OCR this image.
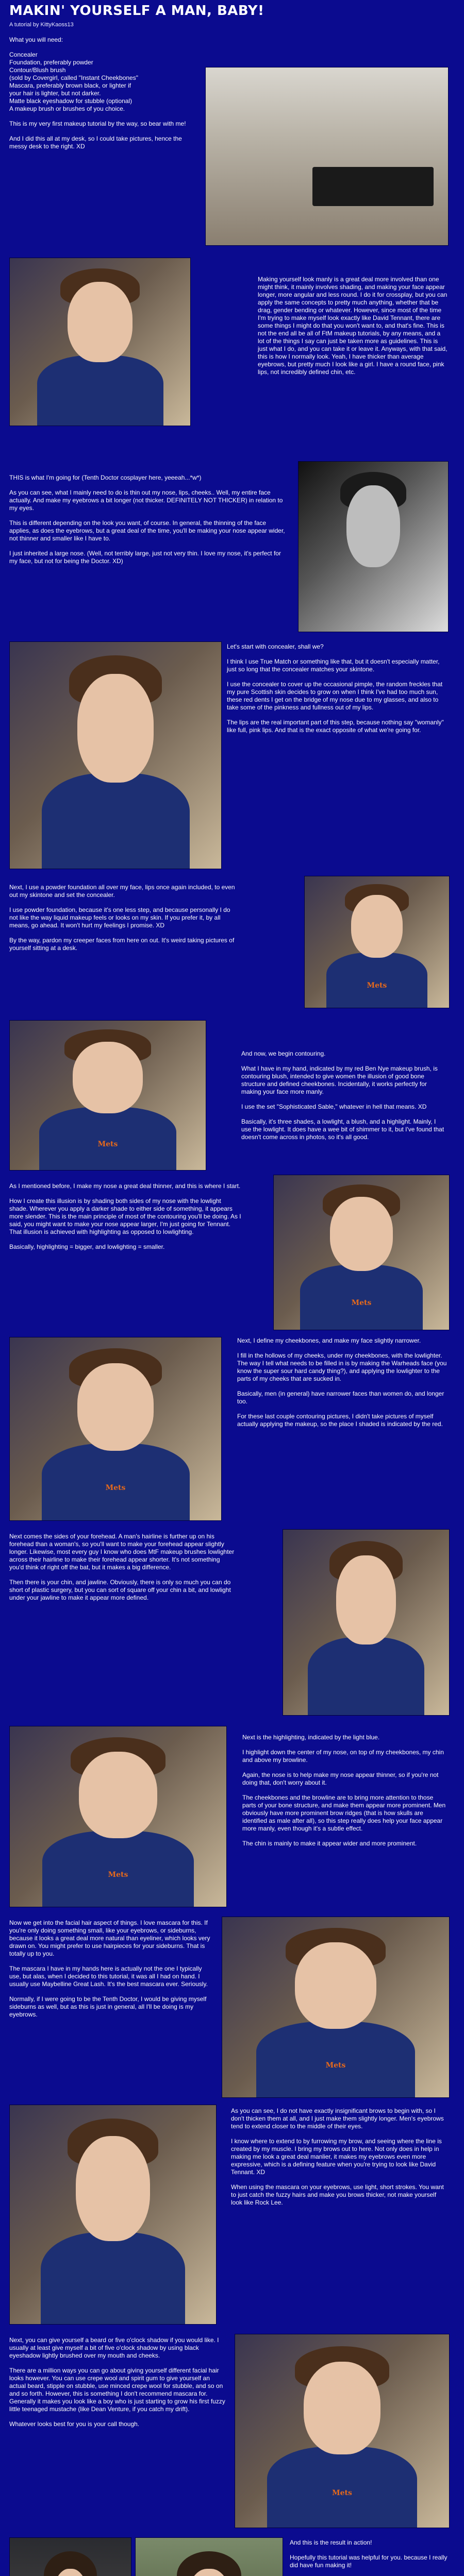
MAKIN' YOURSELF A MAN, BABY!
A tutorial by KittyKaoss13

What you will need:

Concealer
Foundation, preferably powder
Contour/Blush brush
(sold by Covergirl, called "Instant Cheekbones"
Mascara, preferably brown black, or lighter if
your hair is lighter, but not darker.
Matte black eyeshadow for stubble (optional)
A makeup brush or brushes of you choice.

This is my very first makeup tutorial by the way, so bear with me!

And I did this all at my desk, so I could take pictures, hence the messy desk to the right. XD

Making yourself look manly is a great deal more involved than one might think, it mainly involves shading, and making your face appear longer, more angular and less round. I do it for crossplay, but you can apply the same concepts to pretty much anything, whether that be drag, gender bending or whatever. However, since most of the time I'm trying to make myself look exactly like David Tennant, there are some things I might do that you won't want to, and that's fine. This is not the end all be all of FtM makeup tutorials, by any means, and a lot of the things I say can just be taken more as guidelines. This is just what I do, and you can take it or leave it. Anyways, with that said, this is how I normally look. Yeah, I have thicker than average eyebrows, but pretty much I look like a girl. I have a round face, pink lips, not incredibly defined chin, etc.

THIS is what I'm going for (Tenth Doctor cosplayer here, yeeeah...*w*)

As you can see, what I mainly need to do is thin out my nose, lips, cheeks.. Well, my entire face actually. And make my eyebrows a bit longer (not thicker. DEFINITELY NOT THICKER) in relation to my eyes.

This is different depending on the look you want, of course. In general, the thinning of the face applies, as does the eyebrows, but a great deal of the time, you'll be making your nose appear wider, not thinner and smaller like I have to.

I just inherited a large nose. (Well, not terribly large, just not very thin. I love my nose, it's perfect for my face, but not for being the Doctor. XD)

Let's start with concealer, shall we?

I think I use True Match or something like that, but it doesn't especially matter, just so long that the concealer matches your skintone.

I use the concealer to cover up the occasional pimple, the random freckles that my pure Scottish skin decides to grow on when I think I've had too much sun, these red dents I get on the bridge of my nose due to my glasses, and also to take some of the pinkness and fullness out of my lips.

The lips are the real important part of this step, because nothing say "womanly" like full, pink lips. And that is the exact opposite of what we're going for.

Next, I use a powder foundation all over my face, lips once again included, to even out my skintone and set the concealer.

I use powder foundation, because it's one less step, and because personally I do not like the way liquid makeup feels or looks on my skin. If you prefer it, by all means, go ahead. It won't hurt my feelings I promise. XD

By the way, pardon my creeper faces from here on out. It's weird taking pictures of yourself sitting at a desk.

Mets
Mets

And now, we begin contouring.

What I have in my hand, indicated by my red Ben Nye makeup brush, is contouring blush, intended to give women the illusion of good bone structure and defined cheekbones. Incidentally, it works perfectly for making your face more manly.

I use the set "Sophisticated Sable," whatever in hell that means. XD

Basically, it's three shades, a lowlight, a blush, and a highlight. Mainly, I use the lowlight. It does have a wee bit of shimmer to it, but I've found that doesn't come across in photos, so it's all good.

As I mentioned before, I make my nose a great deal thinner, and this is where I start.

How I create this illusion is by shading both sides of my nose with the lowlight shade. Wherever you apply a darker shade to either side of something, it appears more slender. This is the main principle of most of the contouring you'll be doing. As I said, you might want to make your nose appear larger, I'm just going for Tennant. That illusion is achieved with highlighting as opposed to lowlighting.

Basically, highlighting = bigger, and lowlighting = smaller.

Mets
Mets

Next, I define my cheekbones, and make my face slightly narrower.

I fill in the hollows of my cheeks, under my cheekbones, with the lowlighter. The way I tell what needs to be filled in is by making the Warheads face (you know the super sour hard candy thing?), and applying the lowlighter to the parts of my cheeks that are sucked in.

Basically, men (in general) have narrower faces than women do, and longer too.

For these last couple contouring pictures, I didn't take pictures of myself actually applying the makeup, so the place I shaded is indicated by the red.

Next comes the sides of your forehead. A man's hairline is further up on his forehead than a woman's, so you'll want to make your forehead appear slightly longer. Likewise, most every guy I know who does MtF makeup brushes lowlighter across their hairline to make their forehead appear shorter. It's not something you'd think of right off the bat, but it makes a big difference.

Then there is your chin, and jawline. Obviously, there is only so much you can do short of plastic surgery, but you can sort of square off your chin a bit, and lowlight under your jawline to make it appear more defined.

Mets

Next is the highlighting, indicated by the light blue.

I highlight down the center of my nose, on top of my cheekbones, my chin and above my browline.

Again, the nose is to help make my nose appear thinner, so if you're not doing that, don't worry about it.

The cheekbones and the browline are to bring more attention to those parts of your bone structure, and make them appear more prominent. Men obviously have more prominent brow ridges (that is how skulls are identified as male after all), so this step really does help your face appear more manly, even though it's a subtle effect.

The chin is mainly to make it appear wider and more prominent.

Now we get into the facial hair aspect of things. I love mascara for this. If you're only doing something small, like your eyebrows, or sideburns, because it looks a great deal more natural than eyeliner, which looks very drawn on. You might prefer to use hairpieces for your sideburns. That is totally up to you.

The mascara I have in my hands here is actually not the one I typically use, but alas, when I decided to this tutorial, it was all I had on hand. I usually use Maybelline Great Lash. It's the best mascara ever. Seriously.

Normally, if I were going to be the Tenth Doctor, I would be giving myself sideburns as well, but as this is just in general, all I'll be doing is my eyebrows.

Mets

As you can see, I do not have exactly insignificant brows to begin with, so I don't thicken them at all, and I just make them slightly longer. Men's eyebrows tend to extend closer to the middle of their eyes.

I know where to extend to by furrowing my brow, and seeing where the line is created by my muscle. I bring my brows out to here. Not only does in help in making me look a great deal manlier, it makes my eyebrows even more expressive, which is a defining feature when you're trying to look like David Tennant. XD

When using the mascara on your eyebrows, use light, short strokes. You want to just catch the fuzzy hairs and make you brows thicker, not make yourself look like Rock Lee.

Next, you can give yourself a beard or five o'clock shadow if you would like. I usually at least give myself a bit of five o'clock shadow by using black eyeshadow lightly brushed over my mouth and cheeks.

There are a million ways you can go about giving yourself different facial hair looks however. You can use crepe wool and spirit gum to give yourself an actual beard, stipple on stubble, use minced crepe wool for stubble, and so on and so forth. However, this is something I don't recommend mascara for. Generally it makes you look like a boy who is just starting to grow his first fuzzy little teenaged mustache (like Dean Venture, if you catch my drift).

Whatever looks best for you is your call though.

Mets

And this is the result in action!

Hopefully this tutorial was helpful for you. because I really did have fun making it!
